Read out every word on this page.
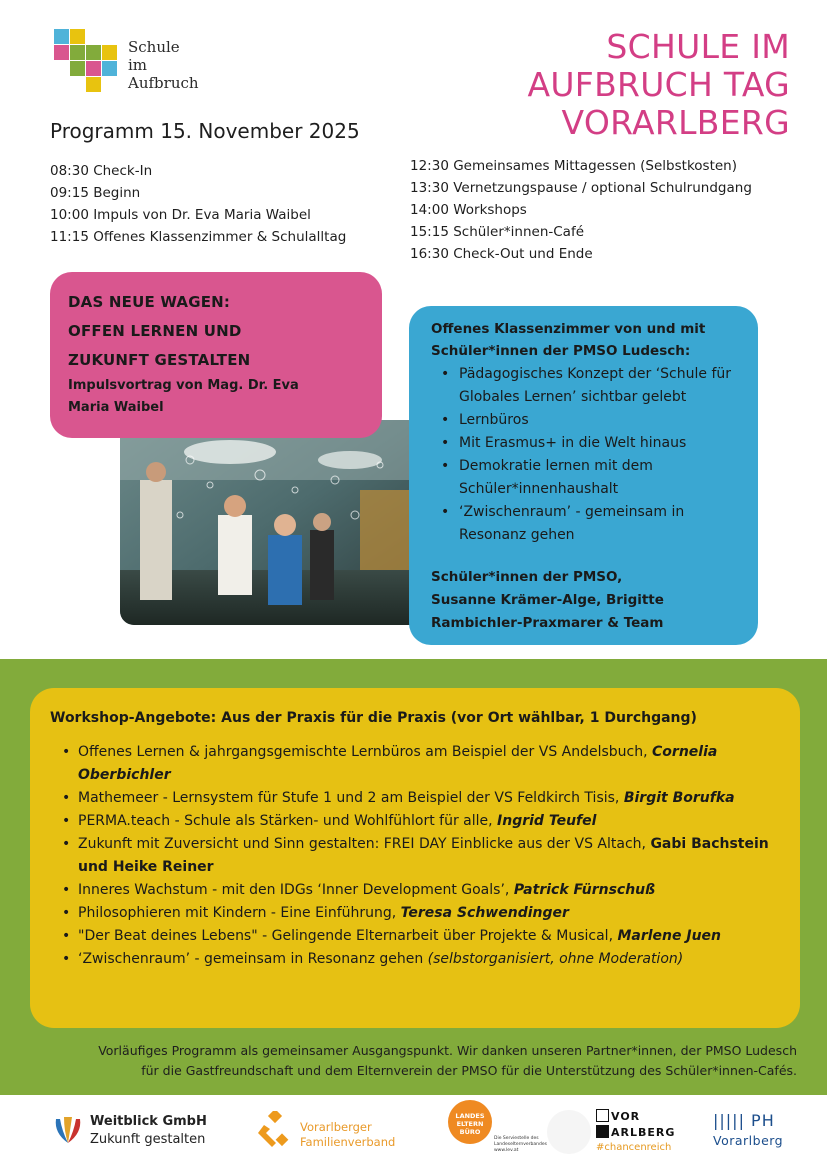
Schule
im
Aufbruch
SCHULE IM
AUFBRUCH TAG
VORARLBERG
Programm 15. November 2025
08:30 Check-In
09:15 Beginn
10:00 Impuls von Dr. Eva Maria Waibel
11:15 Offenes Klassenzimmer & Schulalltag
12:30 Gemeinsames Mittagessen (Selbstkosten)
13:30 Vernetzungspause / optional Schulrundgang
14:00 Workshops
15:15 Schüler*innen-Café
16:30 Check-Out und Ende
DAS NEUE WAGEN:
OFFEN LERNEN UND
ZUKUNFT GESTALTEN

Impulsvortrag von Mag. Dr. Eva
Maria Waibel

Offenes Klassenzimmer von und mit
Schüler*innen der PMSO Ludesch:
• Pädagogisches Konzept der ‘Schule für Globales Lernen’ sichtbar gelebt
• Lernbüros
• Mit Erasmus+ in die Welt hinaus
• Demokratie lernen mit dem Schüler*innenhaushalt
• ‘Zwischenraum’ - gemeinsam in Resonanz gehen
Schüler*innen der PMSO,
Susanne Krämer-Alge, Brigitte
Rambichler-Praxmarer & Team
Workshop-Angebote: Aus der Praxis für die Praxis (vor Ort wählbar, 1 Durchgang)
• Offenes Lernen & jahrgangsgemischte Lernbüros am Beispiel der VS Andelsbuch, Cornelia Oberbichler
• Mathemeer - Lernsystem für Stufe 1 und 2 am Beispiel der VS Feldkirch Tisis, Birgit Borufka
• PERMA.teach - Schule als Stärken- und Wohlfühlort für alle, Ingrid Teufel
• Zukunft mit Zuversicht und Sinn gestalten: FREI DAY Einblicke aus der VS Altach, Gabi Bachstein und Heike Reiner
• Inneres Wachstum - mit den IDGs ‘Inner Development Goals’, Patrick Fürnschuß
• Philosophieren mit Kindern - Eine Einführung, Teresa Schwendinger
• "Der Beat deines Lebens" - Gelingende Elternarbeit über Projekte & Musical, Marlene Juen
• ‘Zwischenraum’ - gemeinsam in Resonanz gehen (selbstorganisiert, ohne Moderation)
Vorläufiges Programm als gemeinsamer Ausgangspunkt. Wir danken unseren Partner*innen, der PMSO Ludesch
für die Gastfreundschaft und dem Elternverein der PMSO für die Unterstützung des Schüler*innen-Cafés.
Weitblick GmbH
Zukunft gestalten
Vorarlberger
Familienverband
LANDES ELTERN BÜRO
Die Serviestelle des Landeselternverbandes www.lev.at
VOR
ARLBERG
#chancenreich
||||| PH
Vorarlberg
